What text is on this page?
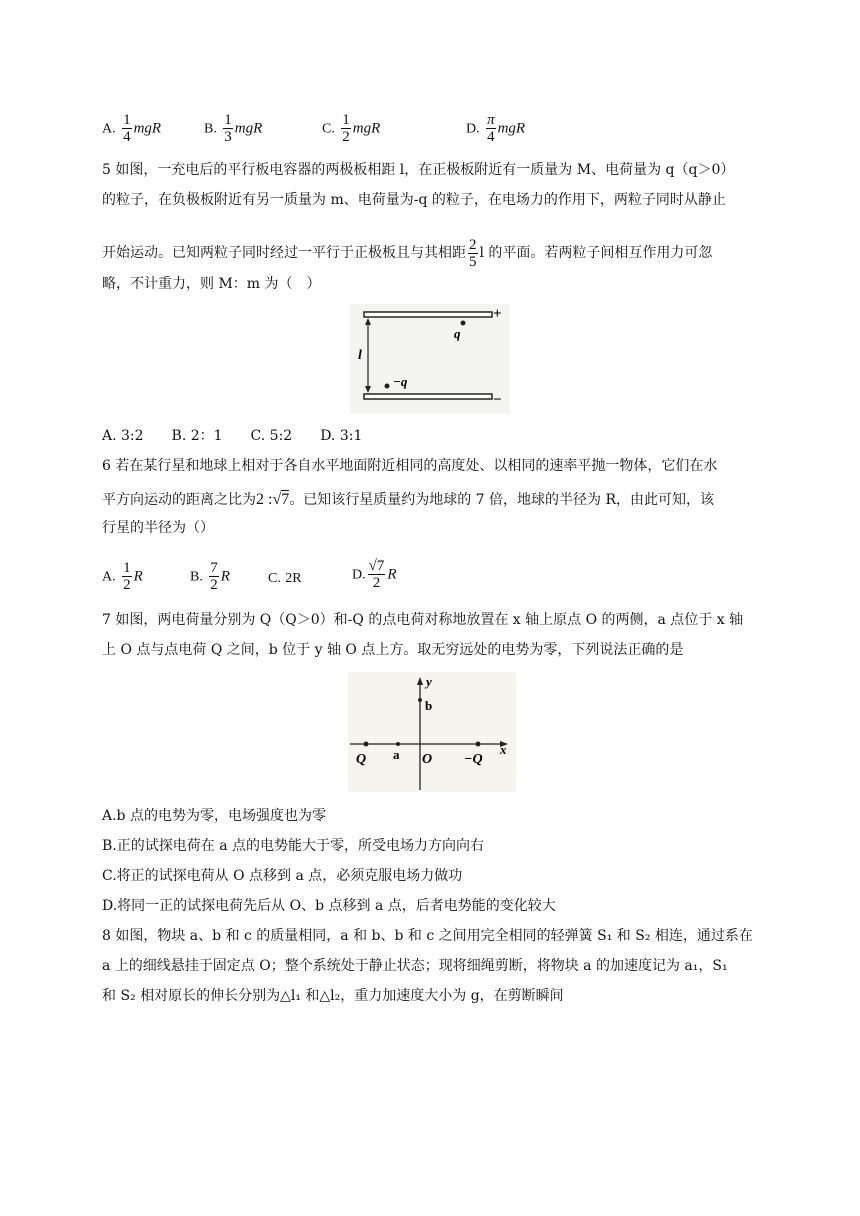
A. $\frac{1}{4}$ mgR	B. $\frac{1}{3}$ mgR	C. $\frac{1}{2}$ mgR	D. $\frac{\pi}{4}$ mgR
5 如图，一充电后的平行板电容器的两极板相距 l，在正极板附近有一质量为 M、电荷量为 q（q＞0）
的粒子，在负极板附近有另一质量为 m、电荷量为-q 的粒子，在电场力的作用下，两粒子同时从静止
开始运动。已知两粒子同时经过一平行于正极板且与其相距 $\frac{2}{5}$ l 的平面。若两粒子间相互作用力可忽
略，不计重力，则 M：m 为（　）
+
−
q
−q
l
A. 3:2　　B. 2：1　　C. 5:2　　D. 3:1
6 若在某行星和地球上相对于各自水平地面附近相同的高度处、以相同的速率平抛一物体，它们在水
平方向运动的距离之比为2 :√7。已知该行星质量约为地球的 7 倍，地球的半径为 R，由此可知，该
行星的半径为（）
A. $\frac{1}{2}$ R	B. $\frac{7}{2}$ R	C. 2R	D. $\frac{√7}{2}$ R
7 如图，两电荷量分别为 Q（Q＞0）和-Q 的点电荷对称地放置在 x 轴上原点 O 的两侧，a 点位于 x 轴
上 O 点与点电荷 Q 之间，b 位于 y 轴 O 点上方。取无穷远处的电势为零，下列说法正确的是
y
x
b
Q a O −Q
A.b 点的电势为零，电场强度也为零
B.正的试探电荷在 a 点的电势能大于零，所受电场力方向向右
C.将正的试探电荷从 O 点移到 a 点，必须克服电场力做功
D.将同一正的试探电荷先后从 O、b 点移到 a 点，后者电势能的变化较大
8 如图，物块 a、b 和 c 的质量相同，a 和 b、b 和 c 之间用完全相同的轻弹簧 S₁ 和 S₂ 相连，通过系在
a 上的细线悬挂于固定点 O；整个系统处于静止状态；现将细绳剪断，将物块 a 的加速度记为 a₁，S₁
和 S₂ 相对原长的伸长分别为△l₁ 和△l₂，重力加速度大小为 g，在剪断瞬间
